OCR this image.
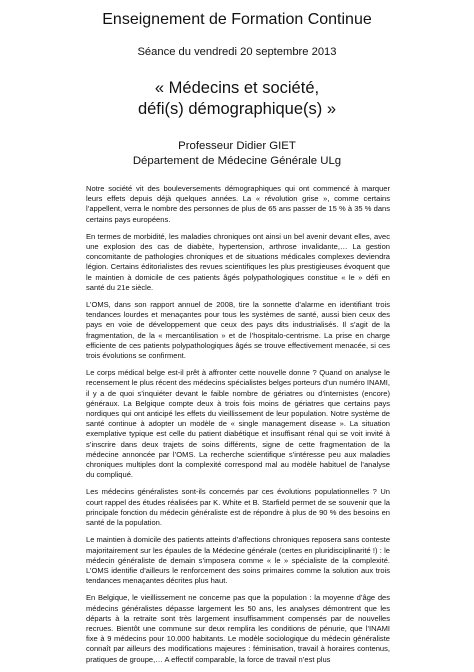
Enseignement de Formation Continue
Séance du vendredi 20 septembre 2013
« Médecins et société,
défi(s) démographique(s) »
Professeur Didier GIET
Département de Médecine Générale ULg

Notre société vit des bouleversements démographiques qui ont commencé à marquer leurs effets depuis déjà quelques années. La « révolution grise », comme certains l’appellent, verra le nombre des personnes de plus de 65 ans passer de 15 % à 35 % dans certains pays européens.

En termes de morbidité, les maladies chroniques ont ainsi un bel avenir devant elles, avec une explosion des cas de diabète, hypertension, arthrose invalidante,… La gestion concomitante de pathologies chroniques et de situations médicales complexes deviendra légion. Certains éditorialistes des revues scientifiques les plus prestigieuses évoquent que le maintien à domicile de ces patients âgés polypathologiques constitue « le » défi en santé du 21e siècle.

L’OMS, dans son rapport annuel de 2008, tire la sonnette d’alarme en identifiant trois tendances lourdes et menaçantes pour tous les systèmes de santé, aussi bien ceux des pays en voie de développement que ceux des pays dits industrialisés. Il s’agit de la fragmentation, de la « mercantilisation » et de l’hospitalo-centrisme. La prise en charge efficiente de ces patients polypathologiques âgés se trouve effectivement menacée, si ces trois évolutions se confirment.

Le corps médical belge est-il prêt à affronter cette nouvelle donne ? Quand on analyse le recensement le plus récent des médecins spécialistes belges porteurs d’un numéro INAMI, il y a de quoi s’inquiéter devant le faible nombre de gériatres ou d’internistes (encore) généraux. La Belgique compte deux à trois fois moins de gériatres que certains pays nordiques qui ont anticipé les effets du vieillissement de leur population. Notre système de santé continue à adopter un modèle de « single management disease ». La situation exemplative typique est celle du patient diabétique et insuffisant rénal qui se voit invité à s’inscrire dans deux trajets de soins différents, signe de cette fragmentation de la médecine annoncée par l’OMS. La recherche scientifique s’intéresse peu aux maladies chroniques multiples dont la complexité correspond mal au modèle habituel de l’analyse du compliqué.

Les médecins généralistes sont-ils concernés par ces évolutions populationnelles ? Un court rappel des études réalisées par K. White et B. Starfield permet de se souvenir que la principale fonction du médecin généraliste est de répondre à plus de 90 % des besoins en santé de la population.

Le maintien à domicile des patients atteints d’affections chroniques reposera sans conteste majoritairement sur les épaules de la Médecine générale (certes en pluridisciplinarité !) : le médecin généraliste de demain s’imposera comme « le » spécialiste de la complexité. L’OMS identifie d’ailleurs le renforcement des soins primaires comme la solution aux trois tendances menaçantes décrites plus haut.

En Belgique, le vieillissement ne concerne pas que la population : la moyenne d’âge des médecins généralistes dépasse largement les 50 ans, les analyses démontrent que les départs à la retraite sont très largement insuffisamment compensés par de nouvelles recrues. Bientôt une commune sur deux remplira les conditions de pénurie, que l’INAMI fixe à 9 médecins pour 10.000 habitants. Le modèle sociologique du médecin généraliste connaît par ailleurs des modifications majeures : féminisation, travail à horaires contenus, pratiques de groupe,… A effectif comparable, la force de travail n’est plus
